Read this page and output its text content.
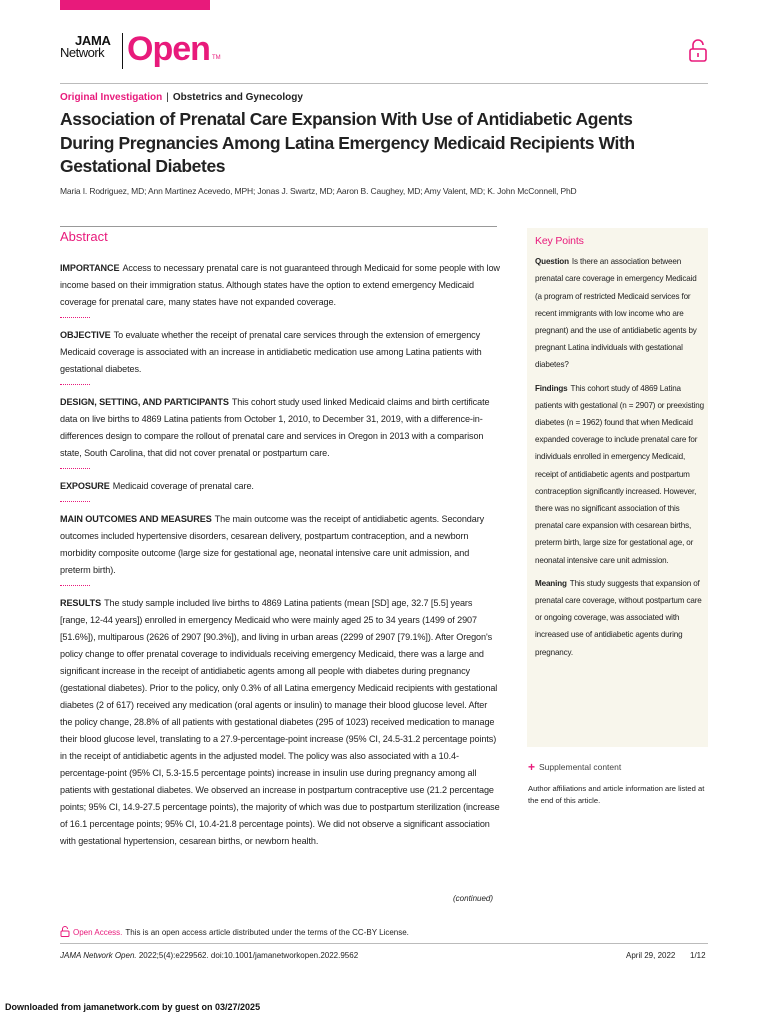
JAMA
Network Open TM
Original Investigation | Obstetrics and Gynecology
Association of Prenatal Care Expansion With Use of Antidiabetic Agents During Pregnancies Among Latina Emergency Medicaid Recipients With Gestational Diabetes
Maria I. Rodriguez, MD; Ann Martinez Acevedo, MPH; Jonas J. Swartz, MD; Aaron B. Caughey, MD; Amy Valent, MD; K. John McConnell, PhD
Abstract

IMPORTANCE Access to necessary prenatal care is not guaranteed through Medicaid for some people with low income based on their immigration status. Although states have the option to extend emergency Medicaid coverage for prenatal care, many states have not expanded coverage.

OBJECTIVE To evaluate whether the receipt of prenatal care services through the extension of emergency Medicaid coverage is associated with an increase in antidiabetic medication use among Latina patients with gestational diabetes.

DESIGN, SETTING, AND PARTICIPANTS This cohort study used linked Medicaid claims and birth certificate data on live births to 4869 Latina patients from October 1, 2010, to December 31, 2019, with a difference-in-differences design to compare the rollout of prenatal care and services in Oregon in 2013 with a comparison state, South Carolina, that did not cover prenatal or postpartum care.

EXPOSURE Medicaid coverage of prenatal care.

MAIN OUTCOMES AND MEASURES The main outcome was the receipt of antidiabetic agents. Secondary outcomes included hypertensive disorders, cesarean delivery, postpartum contraception, and a newborn morbidity composite outcome (large size for gestational age, neonatal intensive care unit admission, and preterm birth).

RESULTS The study sample included live births to 4869 Latina patients (mean [SD] age, 32.7 [5.5] years [range, 12-44 years]) enrolled in emergency Medicaid who were mainly aged 25 to 34 years (1499 of 2907 [51.6%]), multiparous (2626 of 2907 [90.3%]), and living in urban areas (2299 of 2907 [79.1%]). After Oregon's policy change to offer prenatal coverage to individuals receiving emergency Medicaid, there was a large and significant increase in the receipt of antidiabetic agents among all people with diabetes during pregnancy (gestational diabetes). Prior to the policy, only 0.3% of all Latina emergency Medicaid recipients with gestational diabetes (2 of 617) received any medication (oral agents or insulin) to manage their blood glucose level. After the policy change, 28.8% of all patients with gestational diabetes (295 of 1023) received medication to manage their blood glucose level, translating to a 27.9-percentage-point increase (95% CI, 24.5-31.2 percentage points) in the receipt of antidiabetic agents in the adjusted model. The policy was also associated with a 10.4-percentage-point (95% CI, 5.3-15.5 percentage points) increase in insulin use during pregnancy among all patients with gestational diabetes. We observed an increase in postpartum contraceptive use (21.2 percentage points; 95% CI, 14.9-27.5 percentage points), the majority of which was due to postpartum sterilization (increase of 16.1 percentage points; 95% CI, 10.4-21.8 percentage points). We did not observe a significant association with gestational hypertension, cesarean births, or newborn health.

(continued)
Key Points

Question Is there an association between prenatal care coverage in emergency Medicaid (a program of restricted Medicaid services for recent immigrants with low income who are pregnant) and the use of antidiabetic agents by pregnant Latina individuals with gestational diabetes?

Findings This cohort study of 4869 Latina patients with gestational (n = 2907) or preexisting diabetes (n = 1962) found that when Medicaid expanded coverage to include prenatal care for individuals enrolled in emergency Medicaid, receipt of antidiabetic agents and postpartum contraception significantly increased. However, there was no significant association of this prenatal care expansion with cesarean births, preterm birth, large size for gestational age, or neonatal intensive care unit admission.

Meaning This study suggests that expansion of prenatal care coverage, without postpartum care or ongoing coverage, was associated with increased use of antidiabetic agents during pregnancy.

+ Supplemental content
Author affiliations and article information are listed at the end of this article.
Open Access. This is an open access article distributed under the terms of the CC-BY License.
JAMA Network Open. 2022;5(4):e229562. doi:10.1001/jamanetworkopen.2022.9562	April 29, 2022 1/12
Downloaded from jamanetwork.com by guest on 03/27/2025
